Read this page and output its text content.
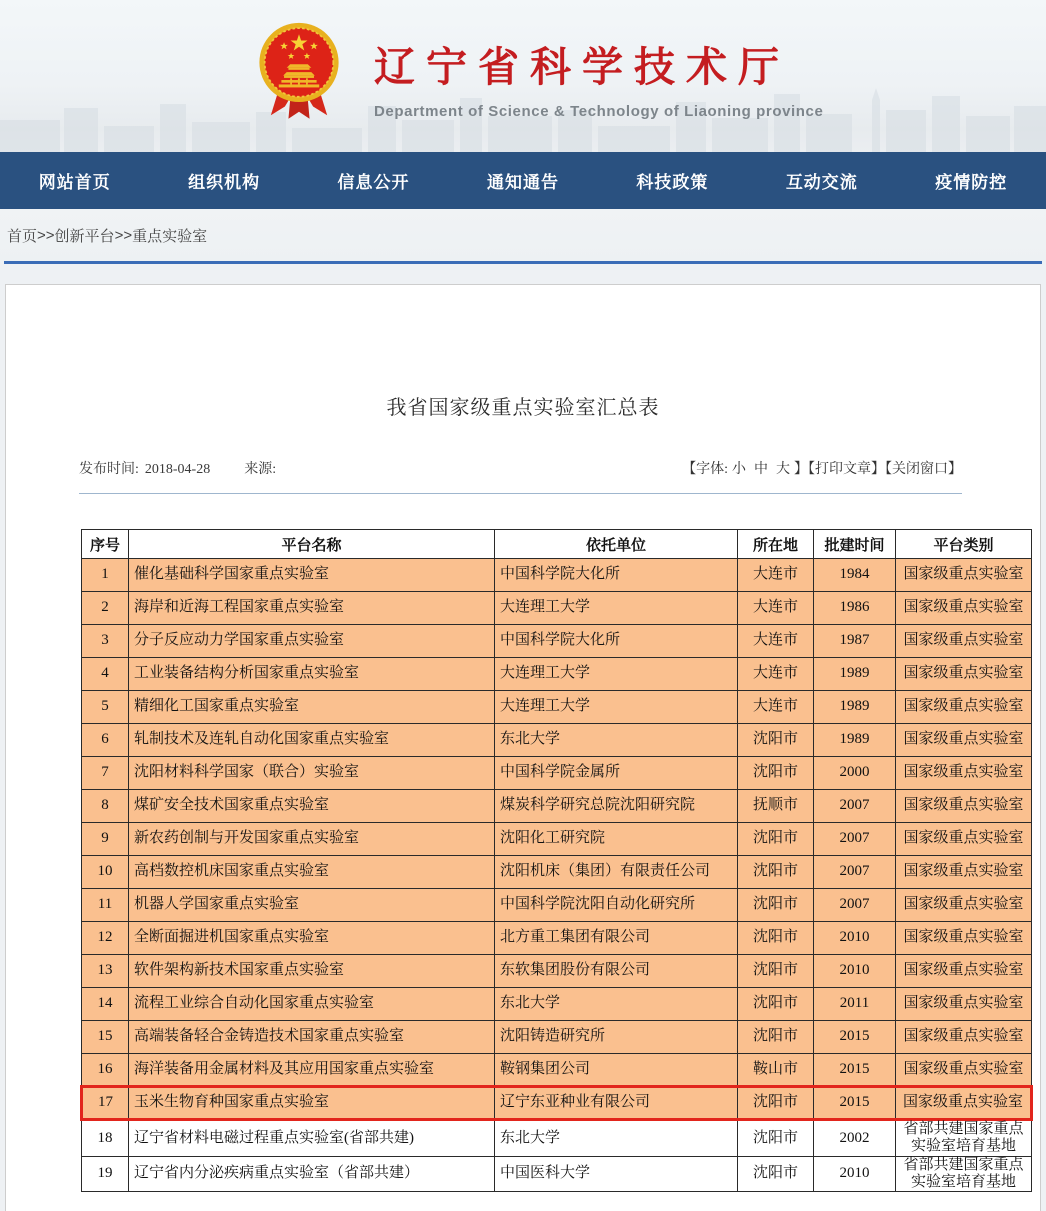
辽宁省科学技术厅
Department of Science & Technology of Liaoning province
网站首页	组织机构	信息公开	通知通告	科技政策	互动交流	疫情防控
首页 >> 创新平台 >> 重点实验室
我省国家级重点实验室汇总表
发布时间: 2018-04-28 来源:	【字体: 小 中 大 】【打印文章】【关闭窗口】
序号	平台名称	依托单位	所在地	批建时间	平台类别
1	催化基础科学国家重点实验室	中国科学院大化所	大连市	1984	国家级重点实验室
2	海岸和近海工程国家重点实验室	大连理工大学	大连市	1986	国家级重点实验室
3	分子反应动力学国家重点实验室	中国科学院大化所	大连市	1987	国家级重点实验室
4	工业装备结构分析国家重点实验室	大连理工大学	大连市	1989	国家级重点实验室
5	精细化工国家重点实验室	大连理工大学	大连市	1989	国家级重点实验室
6	轧制技术及连轧自动化国家重点实验室	东北大学	沈阳市	1989	国家级重点实验室
7	沈阳材料科学国家（联合）实验室	中国科学院金属所	沈阳市	2000	国家级重点实验室
8	煤矿安全技术国家重点实验室	煤炭科学研究总院沈阳研究院	抚顺市	2007	国家级重点实验室
9	新农药创制与开发国家重点实验室	沈阳化工研究院	沈阳市	2007	国家级重点实验室
10	高档数控机床国家重点实验室	沈阳机床（集团）有限责任公司	沈阳市	2007	国家级重点实验室
11	机器人学国家重点实验室	中国科学院沈阳自动化研究所	沈阳市	2007	国家级重点实验室
12	全断面掘进机国家重点实验室	北方重工集团有限公司	沈阳市	2010	国家级重点实验室
13	软件架构新技术国家重点实验室	东软集团股份有限公司	沈阳市	2010	国家级重点实验室
14	流程工业综合自动化国家重点实验室	东北大学	沈阳市	2011	国家级重点实验室
15	高端装备轻合金铸造技术国家重点实验室	沈阳铸造研究所	沈阳市	2015	国家级重点实验室
16	海洋装备用金属材料及其应用国家重点实验室	鞍钢集团公司	鞍山市	2015	国家级重点实验室
17	玉米生物育种国家重点实验室	辽宁东亚种业有限公司	沈阳市	2015	国家级重点实验室
18	辽宁省材料电磁过程重点实验室(省部共建)	东北大学	沈阳市	2002	省部共建国家重点实验室培育基地
19	辽宁省内分泌疾病重点实验室（省部共建）	中国医科大学	沈阳市	2010	省部共建国家重点实验室培育基地
